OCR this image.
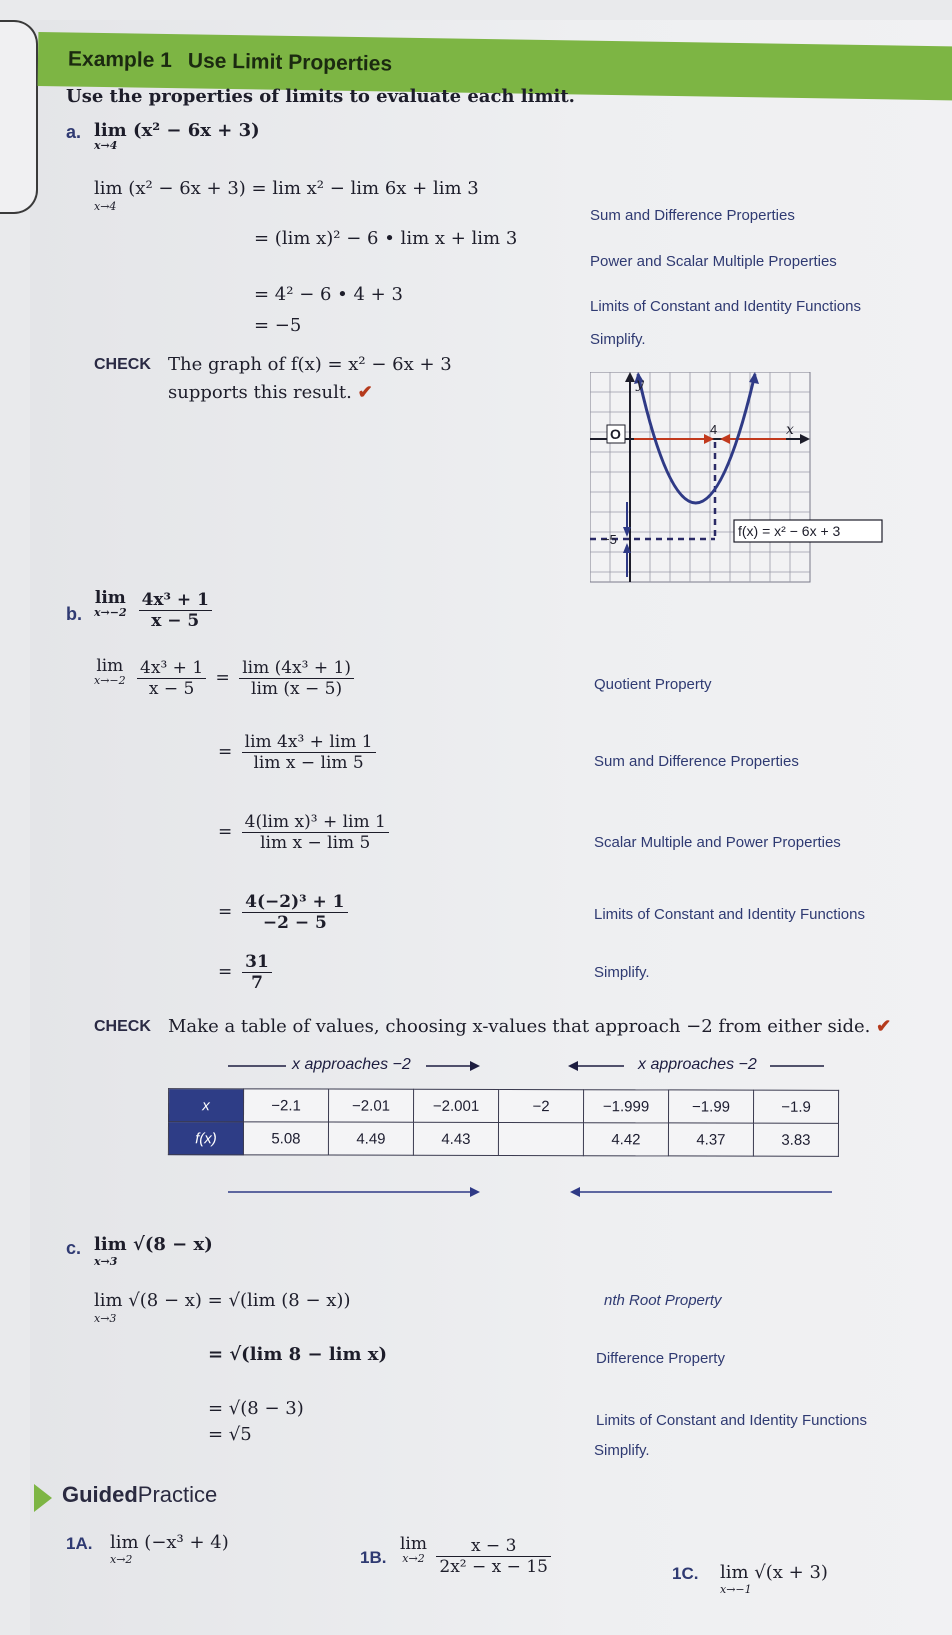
Example 1 Use Limit Properties
Use the properties of limits to evaluate each limit.
a. lim (x² − 6x + 3)
x→4
lim (x² − 6x + 3) = lim x² − lim 6x + lim 3
x→4
= (lim x)² − 6 • lim x + lim 3
= 4² − 6 • 4 + 3
= −5
Sum and Difference Properties
Power and Scalar Multiple Properties
Limits of Constant and Identity Functions
Simplify.
CHECK The graph of f(x) = x² − 6x + 3
supports this result. ✔
O
y
x
4
−5
f(x) = x² − 6x + 3
b.
lim
x→−2
$\frac{\text{4x³ + 1}}{x - 5}$
lim
x→−2
$\frac{\text{4x³ + 1}}{x - 5} = \frac{\text{lim (4x³ + 1)}}{\lim (x - 5)}$
= $\frac{\text{lim 4x³ + lim 1}}{\text{lim x − lim 5}}$
= $\frac{\text{4(lim x)³ + lim 1}}{\text{lim x − lim 5}}$
= $\frac{\text{4(−2)³ + 1}}{-2 - 5}$
= $\frac{31}{7}$
Quotient Property
Sum and Difference Properties
Scalar Multiple and Power Properties
Limits of Constant and Identity Functions
Simplify.
CHECK Make a table of values, choosing x-values that approach −2 from either side. ✔
x approaches −2	x approaches −2
x	−2.1	−2.01	−2.001	−2	−1.999	−1.99	−1.9
f(x)	5.08	4.49	4.43		4.42	4.37	3.83
c. lim √(8 − x)
x→3
lim √(8 − x) = √(lim (8 − x))
x→3
= √(lim 8 − lim x)
= √(8 − 3)
= √5
nth Root Property
Difference Property
Limits of Constant and Identity Functions
Simplify.
GuidedPractice
1A. lim (−x³ + 4)
x→2	1B.
lim
x→2
$\frac{x - 3}{\text{2x² − x − 15}}$	1C. lim √(x + 3)
x→−1
